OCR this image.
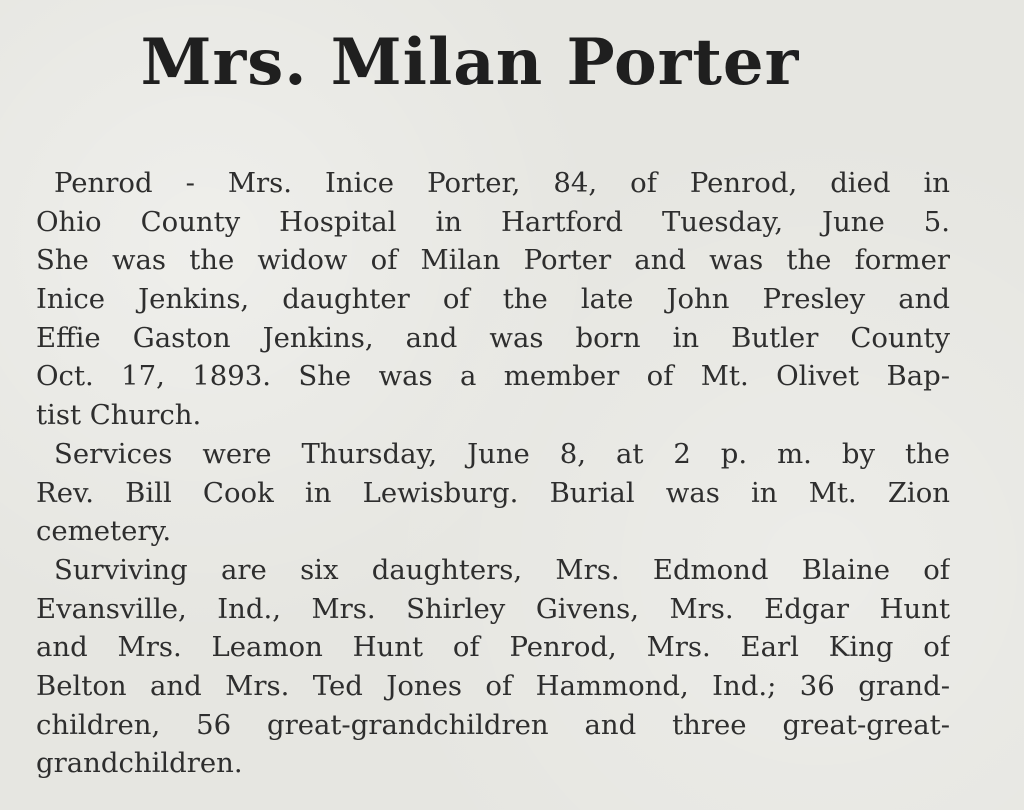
Mrs. Milan Porter
Penrod - Mrs. Inice Porter, 84, of Penrod, died in
Ohio County Hospital in Hartford Tuesday, June 5.
She was the widow of Milan Porter and was the former
Inice Jenkins, daughter of the late John Presley and
Effie Gaston Jenkins, and was born in Butler County
Oct. 17, 1893. She was a member of Mt. Olivet Bap-
tist Church.
Services were Thursday, June 8, at 2 p. m. by the
Rev. Bill Cook in Lewisburg. Burial was in Mt. Zion
cemetery.
Surviving are six daughters, Mrs. Edmond Blaine of
Evansville, Ind., Mrs. Shirley Givens, Mrs. Edgar Hunt
and Mrs. Leamon Hunt of Penrod, Mrs. Earl King of
Belton and Mrs. Ted Jones of Hammond, Ind.; 36 grand-
children, 56 great-grandchildren and three great-great-
grandchildren.
